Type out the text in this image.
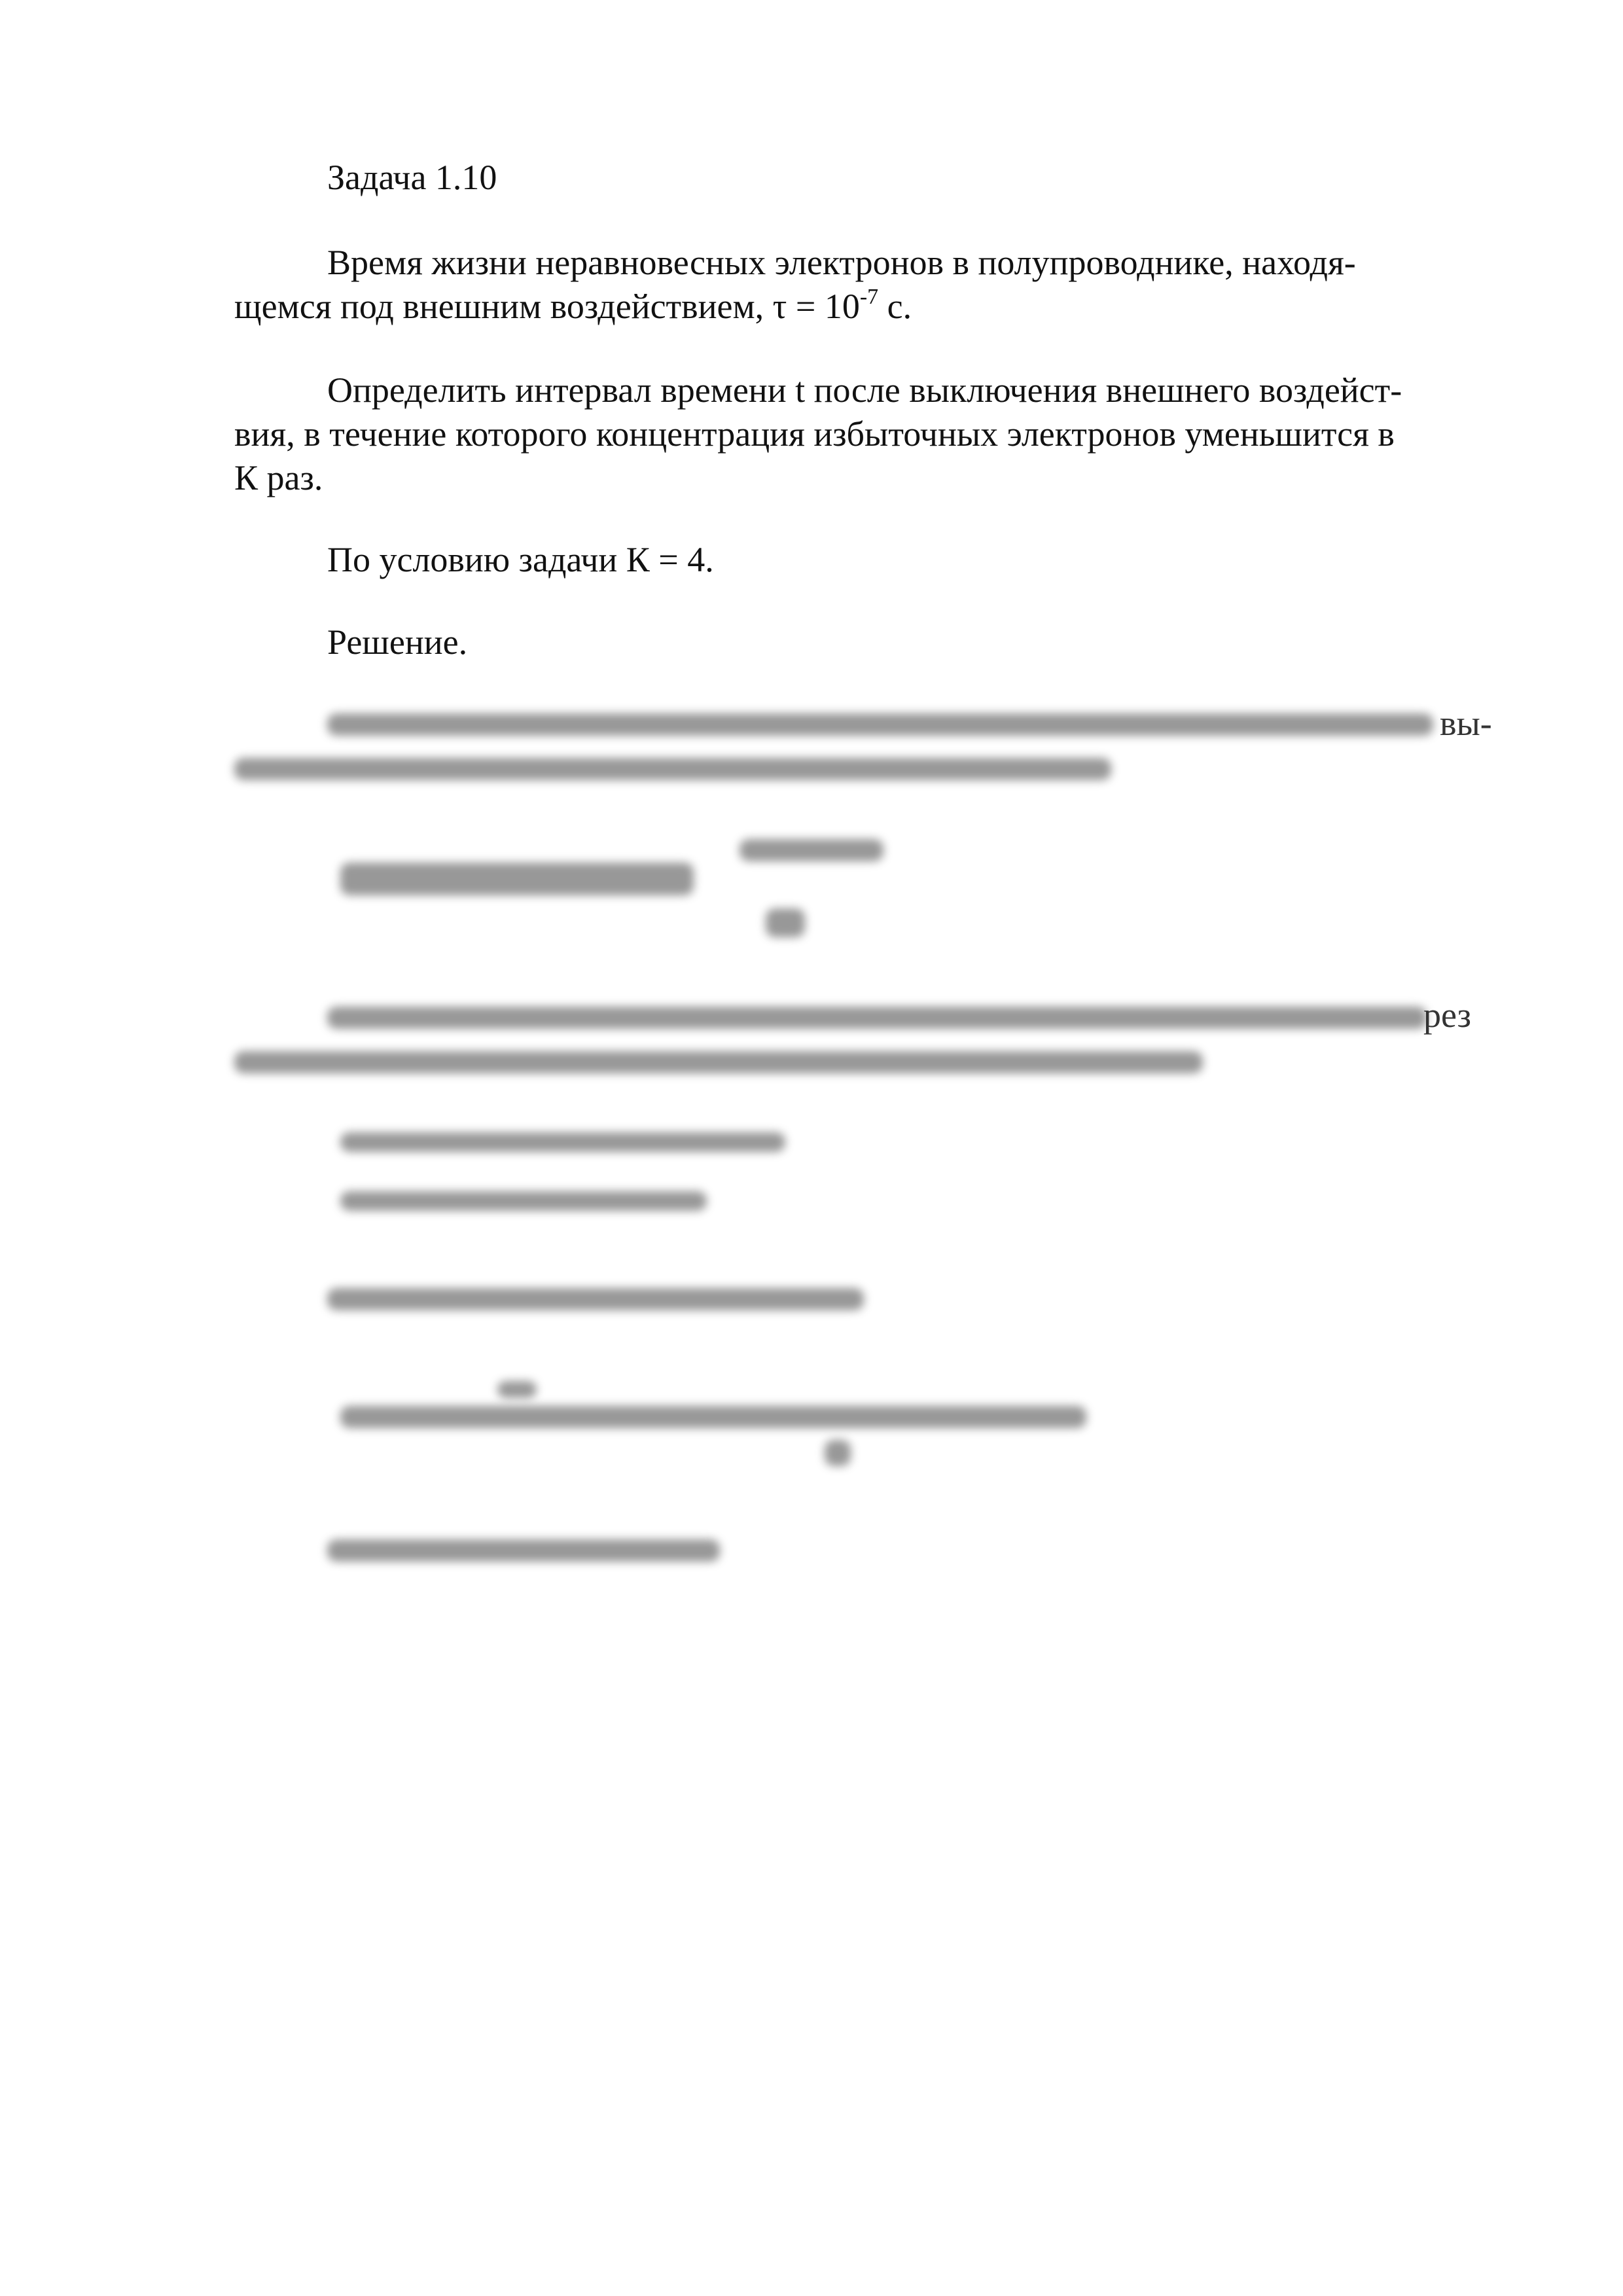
Задача 1.10
Время жизни неравновесных электронов в полупроводнике, находя-
щемся под внешним воздействием, $\tau = 10^{-7}$ с.
Определить интервал времени t после выключения внешнего воздейст-
вия, в течение которого концентрация избыточных электронов уменьшится в
К раз.
По условию задачи К = 4.
Решение.
вы-
рез
